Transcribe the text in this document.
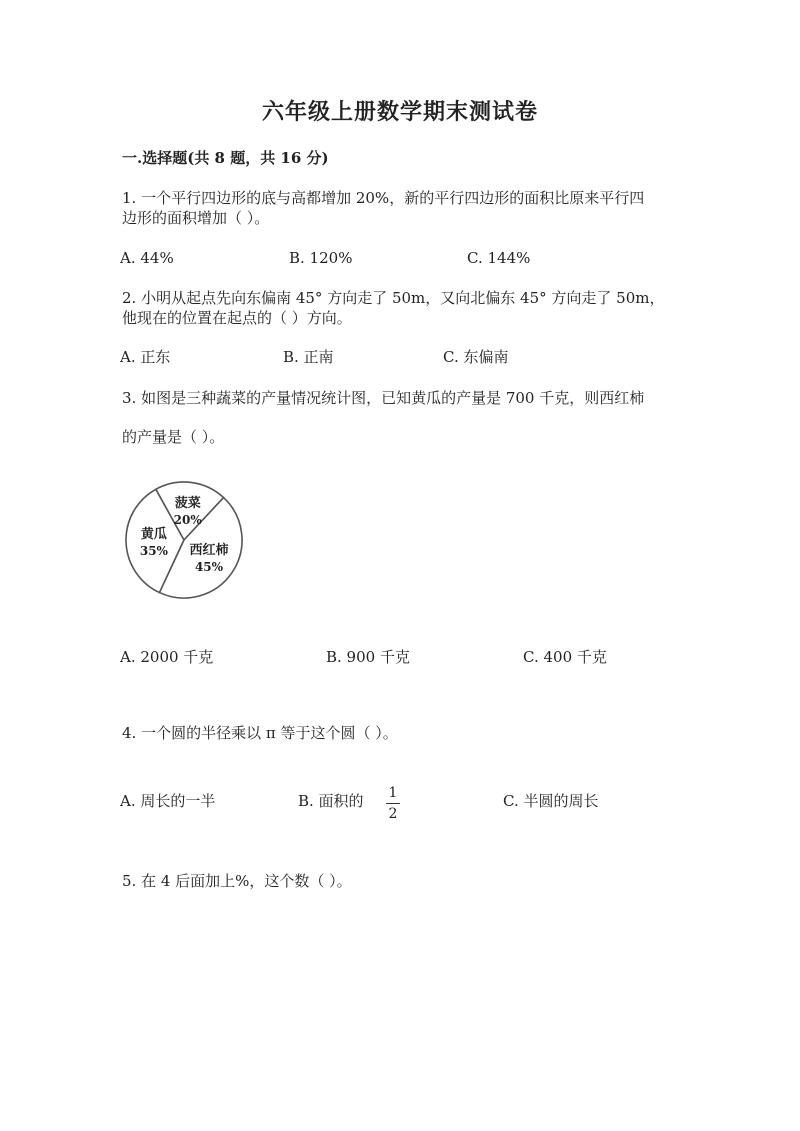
六年级上册数学期末测试卷
一.选择题(共 8 题，共 16 分)
1. 一个平行四边形的底与高都增加 20%，新的平行四边形的面积比原来平行四
边形的面积增加（ ）。
A. 44%	B. 120%	C. 144%
2. 小明从起点先向东偏南 45° 方向走了 50m，又向北偏东 45° 方向走了 50m，
他现在的位置在起点的（ ）方向。
A. 正东	B. 正南	C. 东偏南
3. 如图是三种蔬菜的产量情况统计图，已知黄瓜的产量是 700 千克，则西红柿
的产量是（ ）。
黄瓜
35%
菠菜
20%
西红柿
45%
A. 2000 千克	B. 900 千克	C. 400 千克
4. 一个圆的半径乘以 π 等于这个圆（ ）。
A. 周长的一半	B. 面积的	1
2
C. 半圆的周长
5. 在 4 后面加上%，这个数（ ）。
